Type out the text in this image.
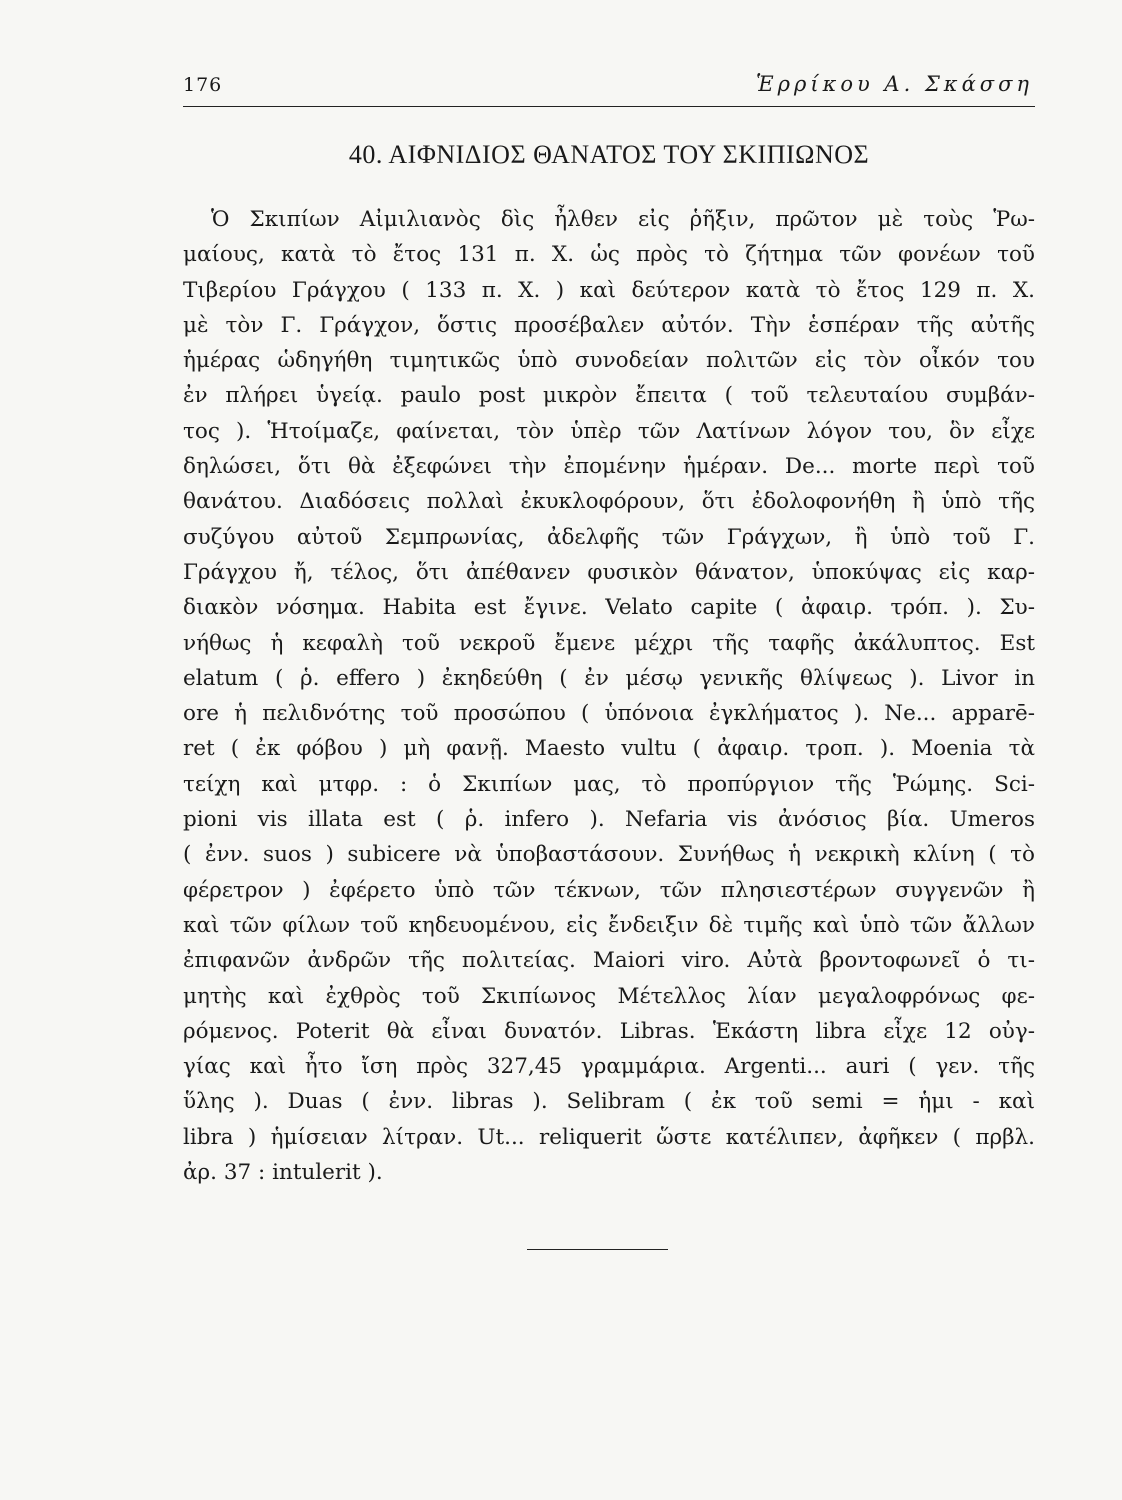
176	Ἑρρίκου Α. Σκάσση
40. ΑΙΦΝΙΔΙΟΣ ΘΑΝΑΤΟΣ ΤΟΥ ΣΚΙΠΙΩΝΟΣ
Ὁ Σκιπίων Αἰμιλιανὸς δὶς ἦλθεν εἰς ῥῆξιν, πρῶτον μὲ τοὺς Ῥω-
μαίους, κατὰ τὸ ἔτος 131 π. Χ. ὡς πρὸς τὸ ζήτημα τῶν φονέων τοῦ
Τιβερίου Γράγχου ( 133 π. Χ. ) καὶ δεύτερον κατὰ τὸ ἔτος 129 π. Χ.
μὲ τὸν Γ. Γράγχον, ὅστις προσέβαλεν αὐτόν. Τὴν ἑσπέραν τῆς αὐτῆς
ἡμέρας ὡδηγήθη τιμητικῶς ὑπὸ συνοδείαν πολιτῶν εἰς τὸν οἶκόν του
ἐν πλήρει ὑγείᾳ. paulo post μικρὸν ἔπειτα ( τοῦ τελευταίου συμβάν-
τος ). Ἡτοίμαζε, φαίνεται, τὸν ὑπὲρ τῶν Λατίνων λόγον του, ὃν εἶχε
δηλώσει, ὅτι θὰ ἐξεφώνει τὴν ἐπομένην ἡμέραν. De... morte περὶ τοῦ
θανάτου. Διαδόσεις πολλαὶ ἐκυκλοφόρουν, ὅτι ἐδολοφονήθη ἢ ὑπὸ τῆς
συζύγου αὐτοῦ Σεμπρωνίας, ἀδελφῆς τῶν Γράγχων, ἢ ὑπὸ τοῦ Γ.
Γράγχου ἤ, τέλος, ὅτι ἀπέθανεν φυσικὸν θάνατον, ὑποκύψας εἰς καρ-
διακὸν νόσημα. Habita est ἔγινε. Velato capite ( ἀφαιρ. τρόπ. ). Συ-
νήθως ἡ κεφαλὴ τοῦ νεκροῦ ἔμενε μέχρι τῆς ταφῆς ἀκάλυπτος. Est
elatum ( ῥ. effero ) ἐκηδεύθη ( ἐν μέσῳ γενικῆς θλίψεως ). Livor in
ore ἡ πελιδνότης τοῦ προσώπου ( ὑπόνοια ἐγκλήματος ). Ne... apparē-
ret ( ἐκ φόβου ) μὴ φανῇ. Maesto vultu ( ἀφαιρ. τροπ. ). Moenia τὰ
τείχη καὶ μτφρ. : ὁ Σκιπίων μας, τὸ προπύργιον τῆς Ῥώμης. Sci-
pioni vis illata est ( ῥ. infero ). Nefaria vis ἀνόσιος βία. Umeros
( ἐνν. suos ) subicere νὰ ὑποβαστάσουν. Συνήθως ἡ νεκρικὴ κλίνη ( τὸ
φέρετρον ) ἐφέρετο ὑπὸ τῶν τέκνων, τῶν πλησιεστέρων συγγενῶν ἢ
καὶ τῶν φίλων τοῦ κηδευομένου, εἰς ἔνδειξιν δὲ τιμῆς καὶ ὑπὸ τῶν ἄλλων
ἐπιφανῶν ἀνδρῶν τῆς πολιτείας. Maiori viro. Αὐτὰ βροντοφωνεῖ ὁ τι-
μητὴς καὶ ἐχθρὸς τοῦ Σκιπίωνος Μέτελλος λίαν μεγαλοφρόνως φε-
ρόμενος. Poterit θὰ εἶναι δυνατόν. Libras. Ἑκάστη libra εἶχε 12 οὐγ-
γίας καὶ ἦτο ἴση πρὸς 327,45 γραμμάρια. Argenti... auri ( γεν. τῆς
ὕλης ). Duas ( ἐνν. libras ). Selibram ( ἐκ τοῦ semi = ἡμι - καὶ
libra ) ἡμίσειαν λίτραν. Ut... reliquerit ὥστε κατέλιπεν, ἀφῆκεν ( πρβλ.
ἀρ. 37 : intulerit ).
